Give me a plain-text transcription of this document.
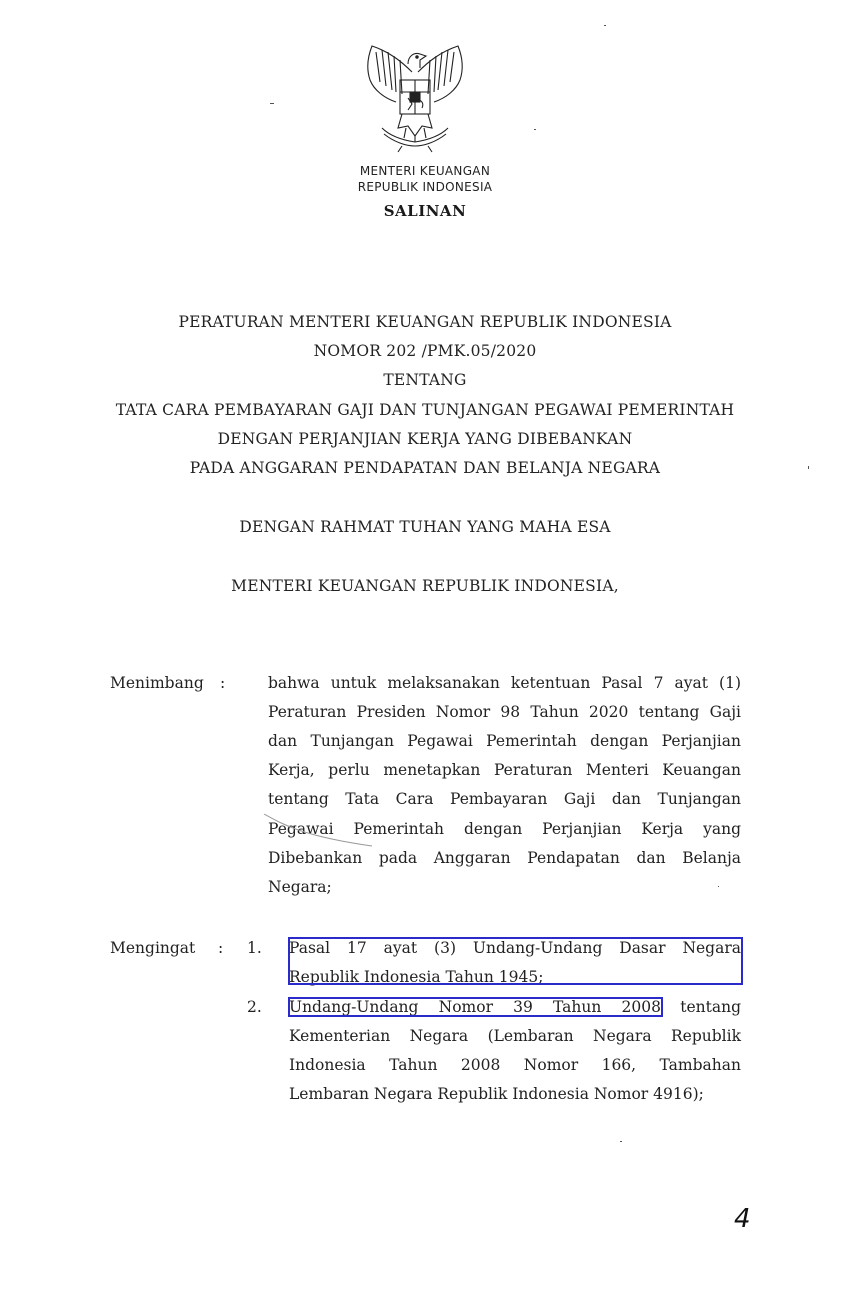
MENTERI KEUANGAN
REPUBLIK INDONESIA
SALINAN
PERATURAN MENTERI KEUANGAN REPUBLIK INDONESIA
NOMOR 202 /PMK.05/2020
TENTANG
TATA CARA PEMBAYARAN GAJI DAN TUNJANGAN PEGAWAI PEMERINTAH
DENGAN PERJANJIAN KERJA YANG DIBEBANKAN
PADA ANGGARAN PENDAPATAN DAN BELANJA NEGARA
DENGAN RAHMAT TUHAN YANG MAHA ESA
MENTERI KEUANGAN REPUBLIK INDONESIA,
Menimbang :	bahwa untuk melaksanakan ketentuan Pasal 7 ayat (1)
Peraturan Presiden Nomor 98 Tahun 2020 tentang Gaji
dan Tunjangan Pegawai Pemerintah dengan Perjanjian
Kerja, perlu menetapkan Peraturan Menteri Keuangan
tentang Tata Cara Pembayaran Gaji dan Tunjangan
Pegawai Pemerintah dengan Perjanjian Kerja yang
Dibebankan pada Anggaran Pendapatan dan Belanja
Negara;
Mengingat : 1. Pasal 17 ayat (3) Undang-Undang Dasar Negara
Republik Indonesia Tahun 1945;
2. Undang-Undang Nomor 39 Tahun 2008 tentang
Kementerian Negara (Lembaran Negara Republik
Indonesia Tahun 2008 Nomor 166, Tambahan
Lembaran Negara Republik Indonesia Nomor 4916);
4
